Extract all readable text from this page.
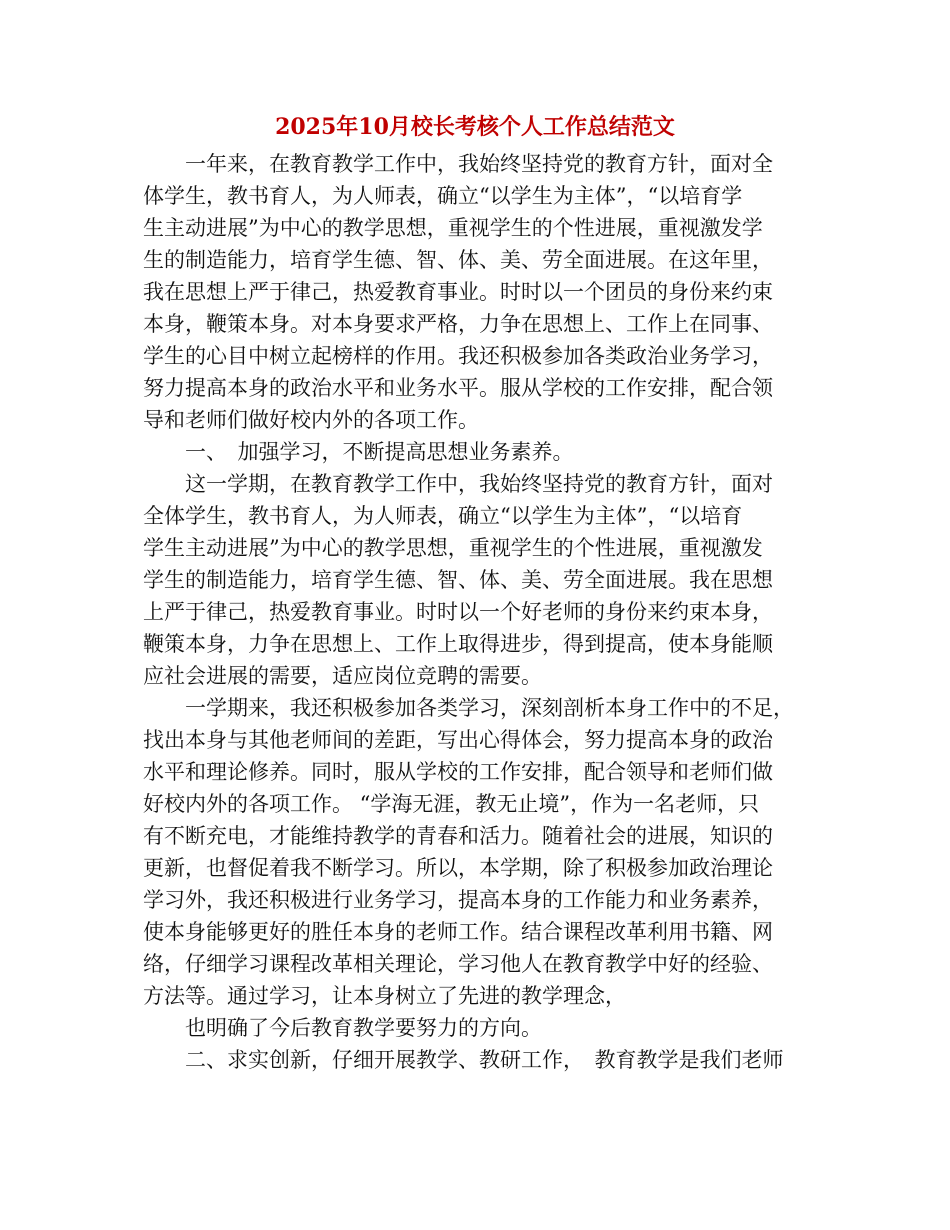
2025年10月校长考核个人工作总结范文
一年来，在教育教学工作中，我始终坚持党的教育方针，面对全
体学生，教书育人，为人师表，确立“以学生为主体”，“以培育学
生主动进展”为中心的教学思想，重视学生的个性进展，重视激发学
生的制造能力，培育学生德、智、体、美、劳全面进展。在这年里，
我在思想上严于律己，热爱教育事业。时时以一个团员的身份来约束
本身，鞭策本身。对本身要求严格，力争在思想上、工作上在同事、
学生的心目中树立起榜样的作用。我还积极参加各类政治业务学习，
努力提高本身的政治水平和业务水平。服从学校的工作安排，配合领
导和老师们做好校内外的各项工作。
一、　加强学习，不断提高思想业务素养。
这一学期，在教育教学工作中，我始终坚持党的教育方针，面对
全体学生，教书育人，为人师表，确立“以学生为主体”，“以培育
学生主动进展”为中心的教学思想，重视学生的个性进展，重视激发
学生的制造能力，培育学生德、智、体、美、劳全面进展。我在思想
上严于律己，热爱教育事业。时时以一个好老师的身份来约束本身，
鞭策本身，力争在思想上、工作上取得进步，得到提高，使本身能顺
应社会进展的需要，适应岗位竞聘的需要。
一学期来，我还积极参加各类学习，深刻剖析本身工作中的不足，
找出本身与其他老师间的差距，写出心得体会，努力提高本身的政治
水平和理论修养。同时，服从学校的工作安排，配合领导和老师们做
好校内外的各项工作。 “学海无涯，教无止境”，作为一名老师，只
有不断充电，才能维持教学的青春和活力。随着社会的进展，知识的
更新，也督促着我不断学习。所以，本学期，除了积极参加政治理论
学习外，我还积极进行业务学习，提高本身的工作能力和业务素养，
使本身能够更好的胜任本身的老师工作。结合课程改革利用书籍、网
络，仔细学习课程改革相关理论，学习他人在教育教学中好的经验、
方法等。通过学习，让本身树立了先进的教学理念，
也明确了今后教育教学要努力的方向。
二、求实创新，仔细开展教学、教研工作，　教育教学是我们老师
